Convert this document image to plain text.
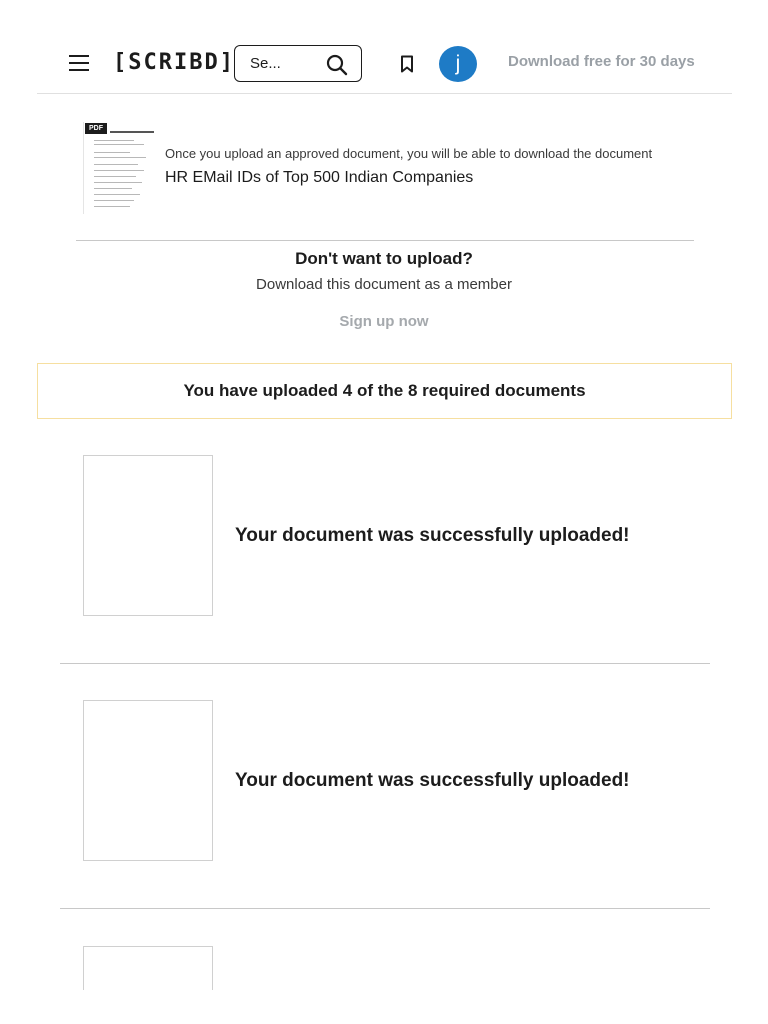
[SCRIBD]
Se...	j	Download free for 30 days
PDF
Once you upload an approved document, you will be able to download the document
HR EMail IDs of Top 500 Indian Companies
Don't want to upload?
Download this document as a member
Sign up now
You have uploaded 4 of the 8 required documents
Your document was successfully uploaded!
Your document was successfully uploaded!
